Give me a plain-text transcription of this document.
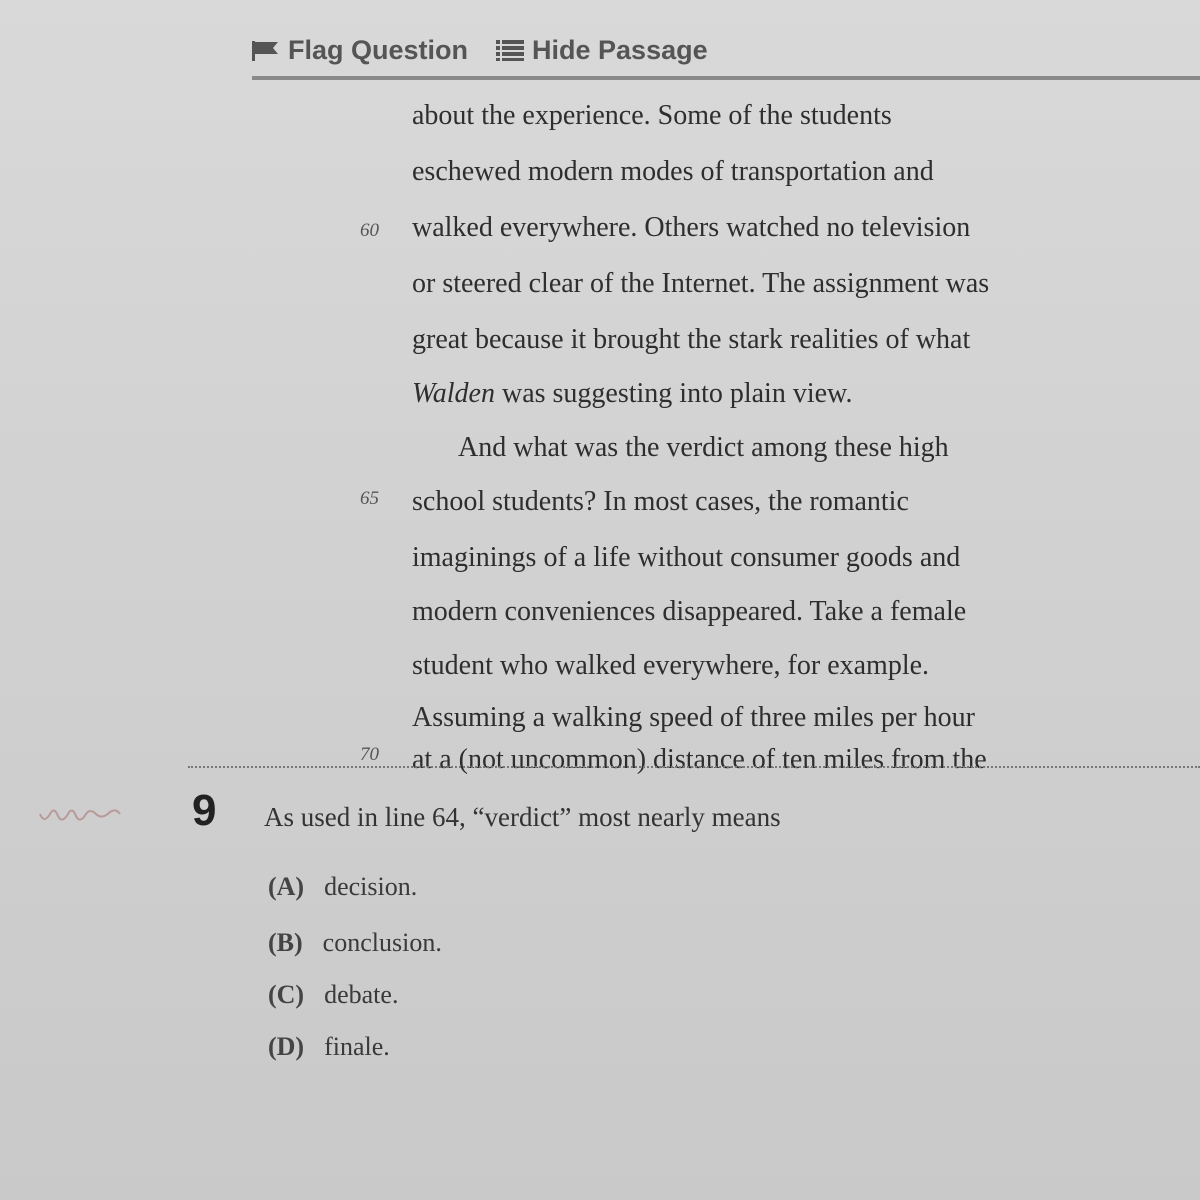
Flag Question Hide Passage
about the experience. Some of the students
eschewed modern modes of transportation and
60 walked everywhere. Others watched no television
or steered clear of the Internet. The assignment was
great because it brought the stark realities of what
Walden was suggesting into plain view.
And what was the verdict among these high
65 school students? In most cases, the romantic
imaginings of a life without consumer goods and
modern conveniences disappeared. Take a female
student who walked everywhere, for example.
Assuming a walking speed of three miles per hour
70 at a (not uncommon) distance of ten miles from the
9 As used in line 64, “verdict” most nearly means
(A) decision.
(B) conclusion.
(C) debate.
(D) finale.
